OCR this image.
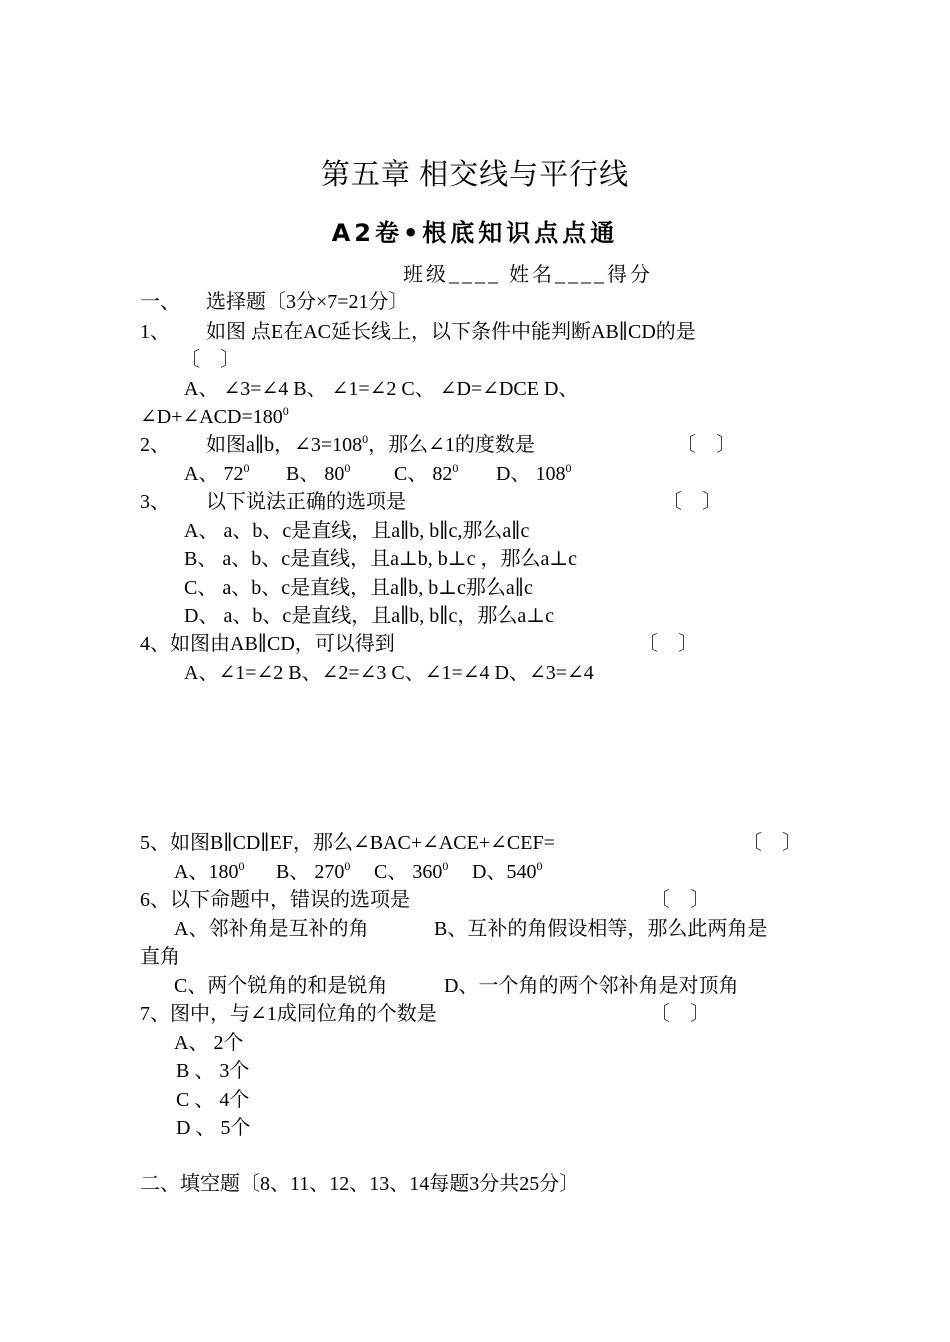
第五章 相交线与平行线
A2卷•根底知识点点通
班级____ 姓名____得分
一、 选择题〔3分×7=21分〕
1、 如图 点E在AC延长线上，以下条件中能判断AB∥CD的是
〔　〕
A、 ∠3=∠4 B、 ∠1=∠2 C、 ∠D=∠DCE D、
$\angle D+\angle ACD=180^0$
2、 如图a∥b，$\angle 3=108^0$，那么∠1的度数是	〔　〕
A、 $72^0$ B、 $80^0$ C、 $82^0$ D、 $108^0$
3、 以下说法正确的选项是	〔　〕
A、 a、b、c是直线，且a∥b, b∥c,那么a∥c
B、 a、b、c是直线，且a⊥b, b⊥c ，那么a⊥c
C、 a、b、c是直线，且a∥b, b⊥c那么a∥c
D、 a、b、c是直线，且a∥b, b∥c，那么a⊥c
4、如图由AB∥CD，可以得到	〔　〕
A、∠1=∠2 B、∠2=∠3 C、∠1=∠4 D、∠3=∠4
5、如图B∥CD∥EF，那么∠BAC+∠ACE+∠CEF=	〔　〕
A、$180^0$ B、 $270^0$ C、 $360^0$ D、$540^0$
6、以下命题中，错误的选项是	〔　〕
A、邻补角是互补的角	B、互补的角假设相等，那么此两角是
直角
C、两个锐角的和是锐角	D、一个角的两个邻补角是对顶角
7、图中，与∠1成同位角的个数是	〔　〕
A、 2个
B 、 3个
C 、 4个
D 、 5个
二、填空题〔8、11、12、13、14每题3分共25分〕
